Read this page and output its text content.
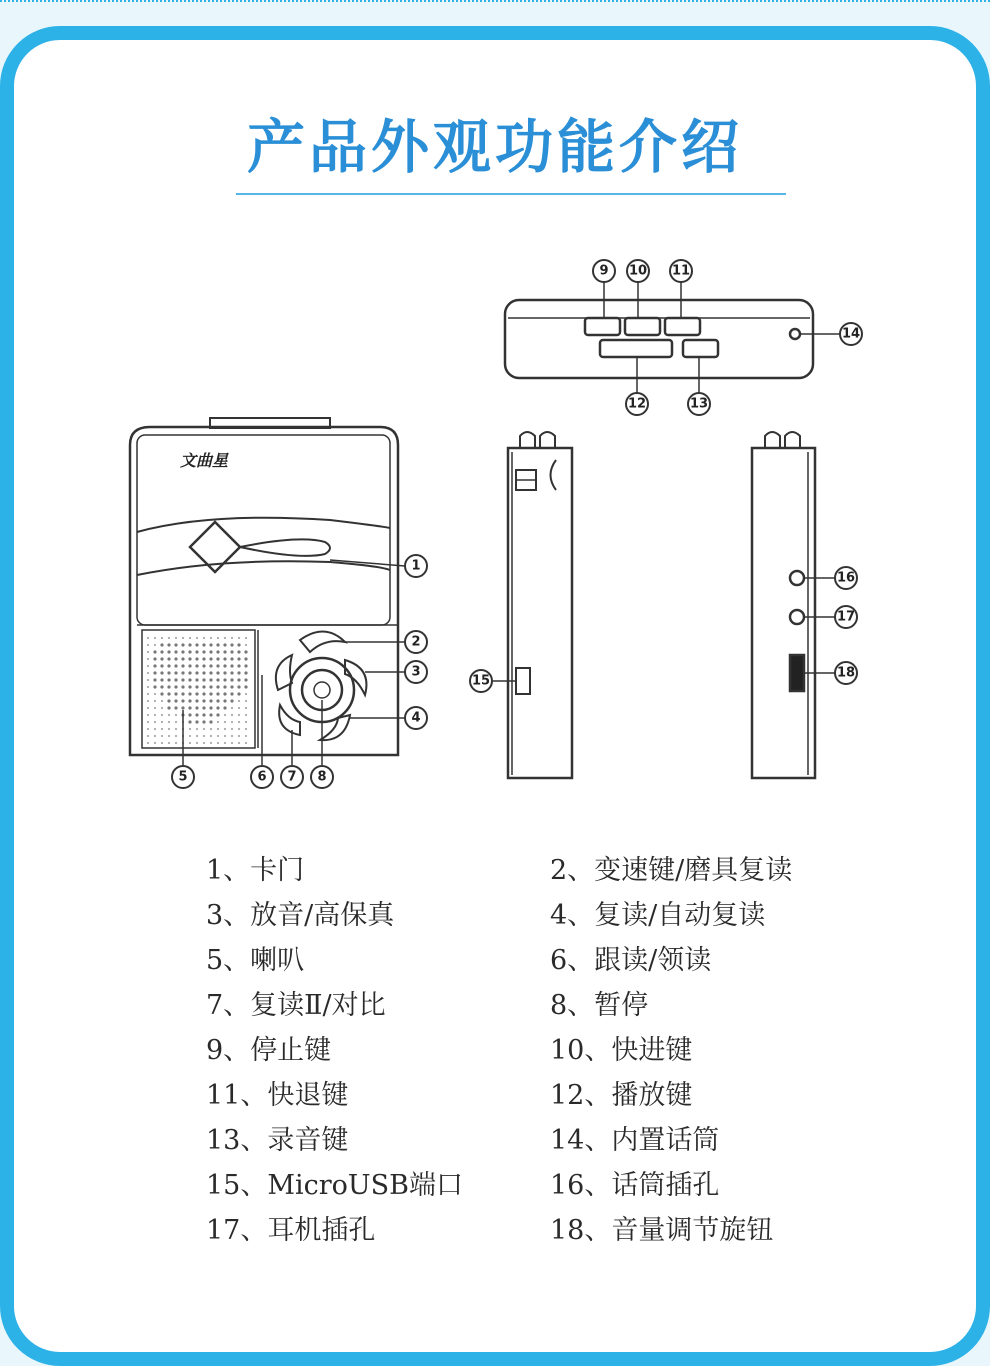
产品外观功能介绍
文曲星
1
2
3
4
5	6 7 8
9 10 11
12	13
14
15
16
17
18
1、卡门	2、变速键/磨具复读
3、放音/高保真	4、复读/自动复读
5、喇叭	6、跟读/领读
7、复读Ⅱ/对比	8、暂停
9、停止键	10、快进键
11、快退键	12、播放键
13、录音键	14、内置话筒
15、MicroUSB端口	16、话筒插孔
17、耳机插孔	18、音量调节旋钮
